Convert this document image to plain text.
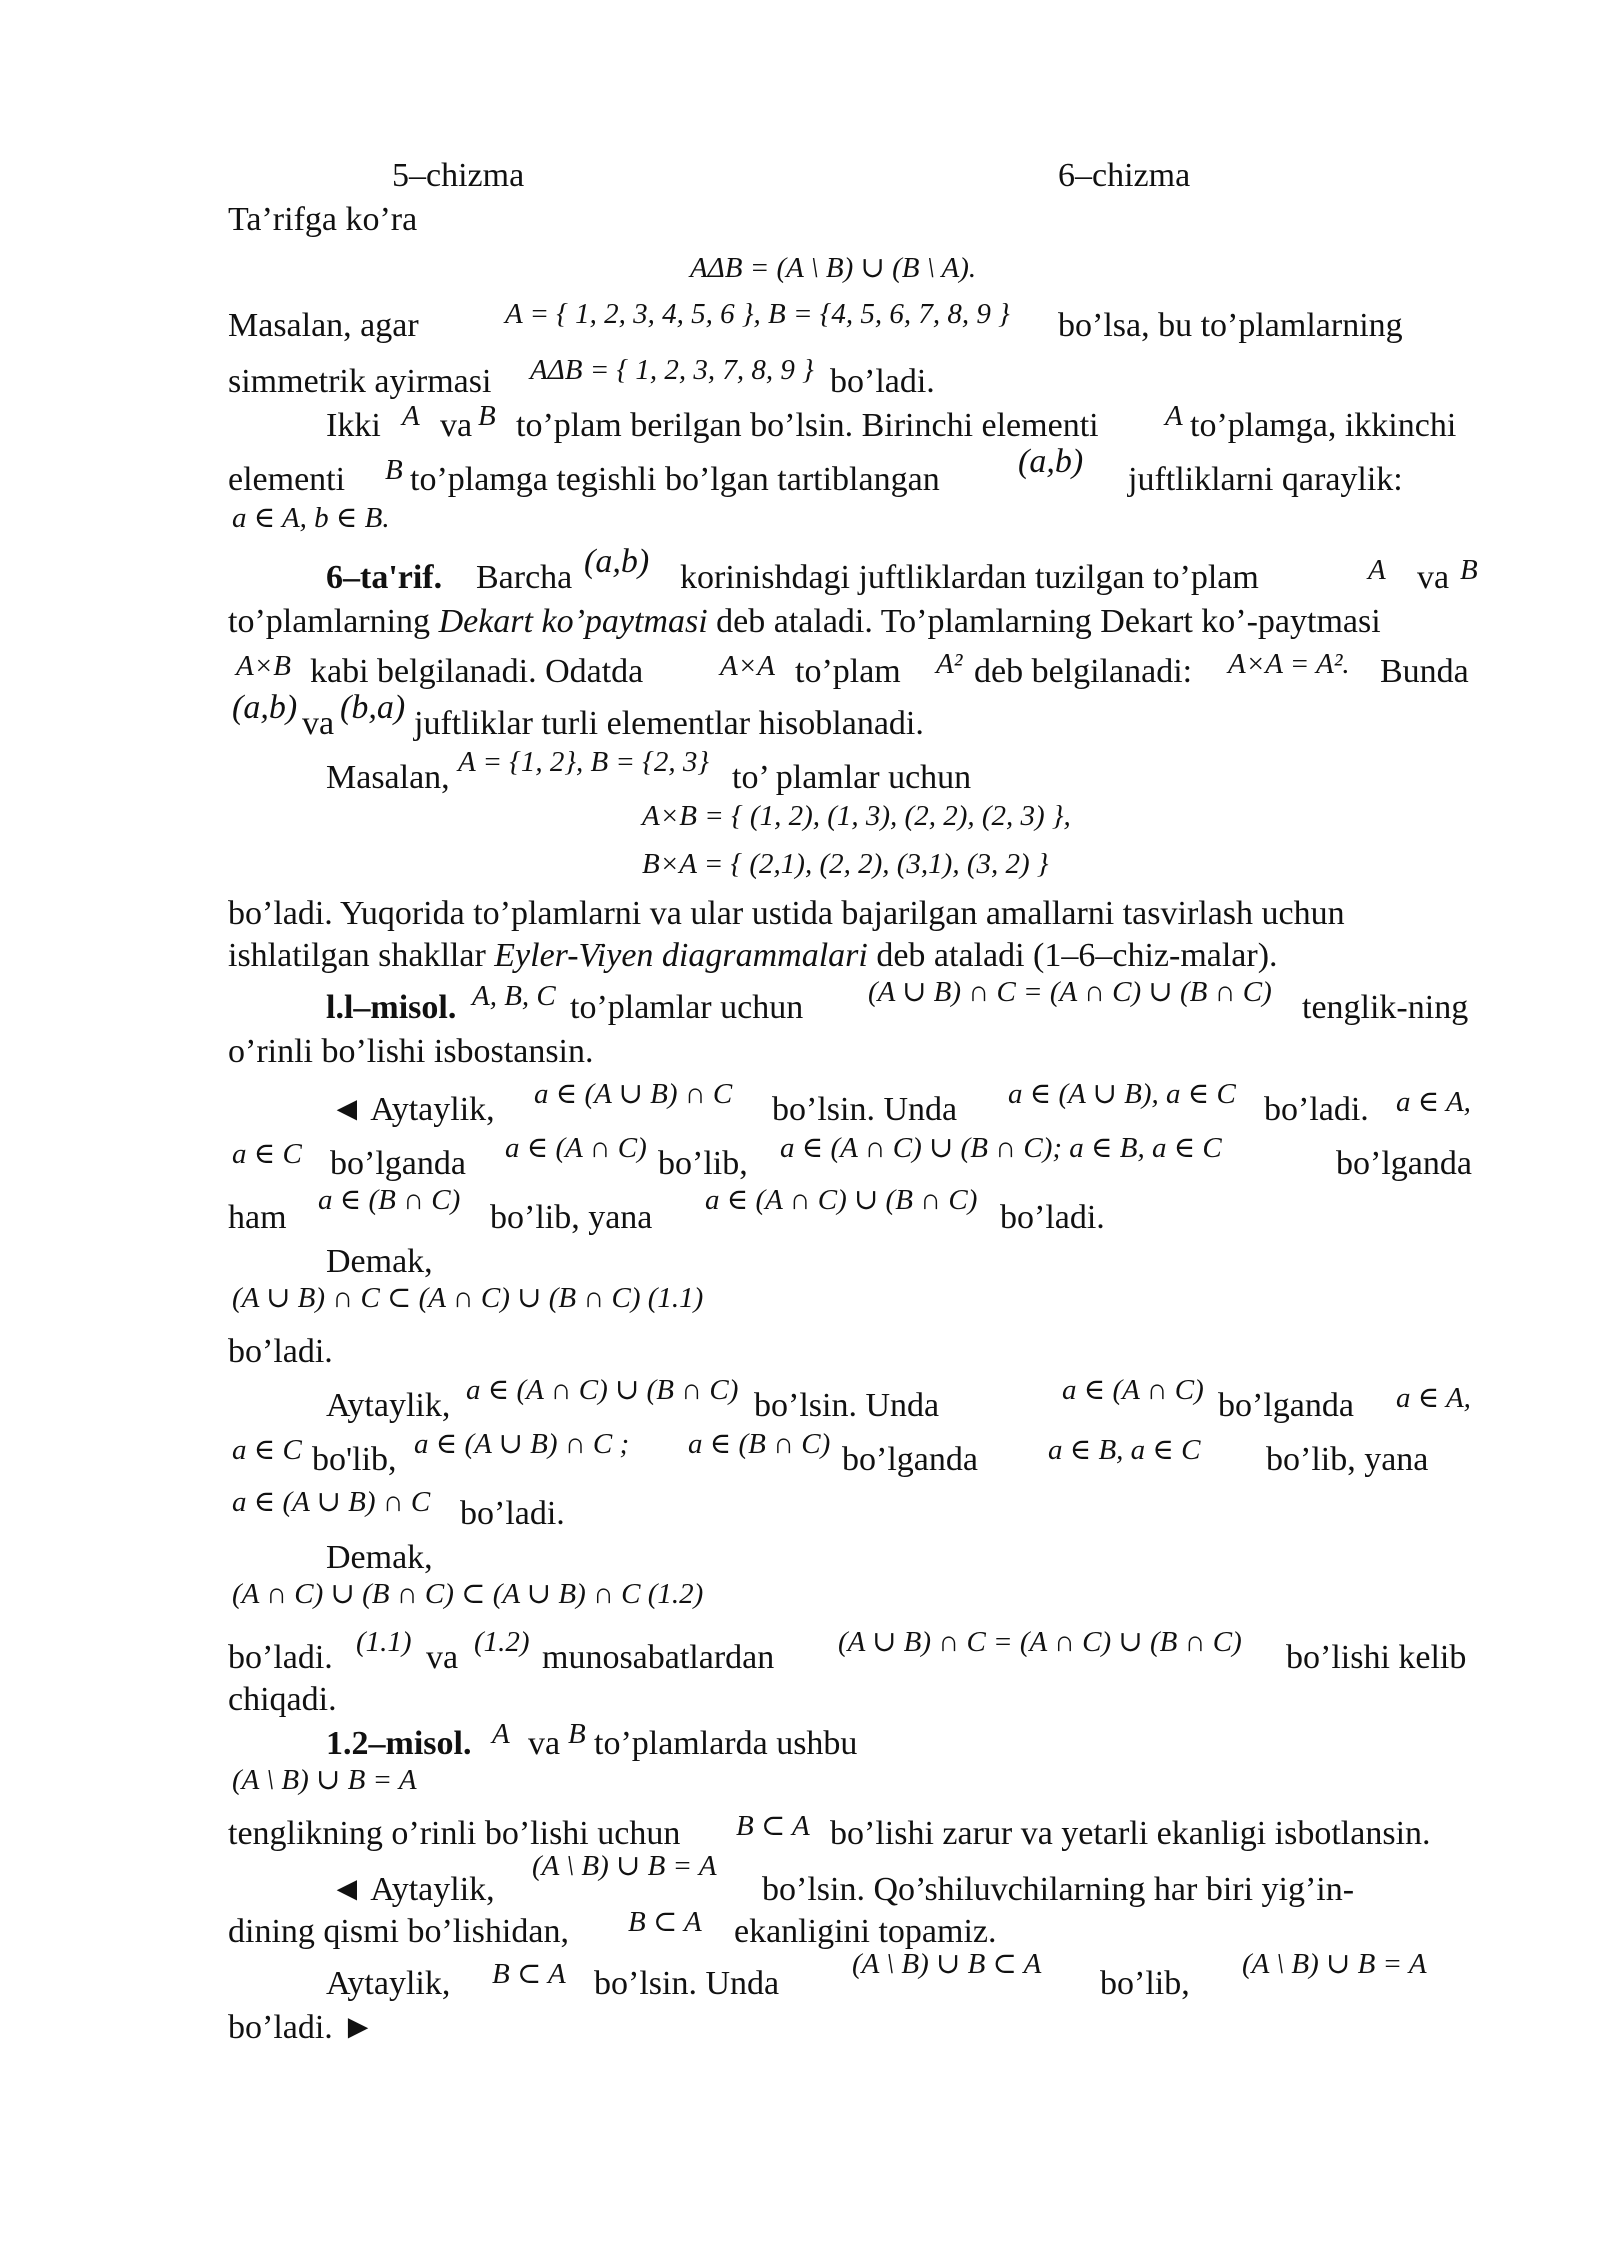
5–chizma	6–chizma
Ta’rifga ko’ra
AΔB = (A \ B) ∪ (B \ A).
Masalan, agar	A = { 1, 2, 3, 4, 5, 6 }, B = {4, 5, 6, 7, 8, 9 } bo’lsa, bu to’plamlarning
simmetrik ayirmasi AΔB = { 1, 2, 3, 7, 8, 9 } bo’ladi.
Ikki A va B to’plam berilgan bo’lsin. Birinchi elementi A to’plamga, ikkinchi
elementi B to’plamga tegishli bo’lgan tartiblangan (a,b) juftliklarni qaraylik:
a ∈ A, b ∈ B.
6–ta'rif. Barcha (a,b) korinishdagi juftliklardan tuzilgan to’plam	A va B
to’plamlarning Dekart ko’paytmasi deb ataladi. To’plamlarning Dekart ko’-paytmasi
A×B kabi belgilanadi. Odatda	A×A to’plam A² deb belgilanadi: A×A = A². Bunda
(a,b) va (b,a) juftliklar turli elementlar hisoblanadi.
Masalan, A = {1, 2}, B = {2, 3} to’ plamlar uchun
A×B = { (1, 2), (1, 3), (2, 2), (2, 3) },
B×A = { (2,1), (2, 2), (3,1), (3, 2) }
bo’ladi. Yuqorida to’plamlarni va ular ustida bajarilgan amallarni tasvirlash uchun
ishlatilgan shakllar Eyler-Viyen diagrammalari deb ataladi (1–6–chiz-malar).
l.l–misol. A, B, C to’plamlar uchun (A ∪ B) ∩ C = (A ∩ C) ∪ (B ∩ C) tenglik-ning
o’rinli bo’lishi isbostansin.
◄ Aytaylik, a ∈ (A ∪ B) ∩ C bo’lsin. Unda a ∈ (A ∪ B), a ∈ C bo’ladi. a ∈ A,
a ∈ C bo’lganda a ∈ (A ∩ C) bo’lib, a ∈ (A ∩ C) ∪ (B ∩ C); a ∈ B, a ∈ C	bo’lganda
ham a ∈ (B ∩ C) bo’lib, yana a ∈ (A ∩ C) ∪ (B ∩ C) bo’ladi.
Demak,
(A ∪ B) ∩ C ⊂ (A ∩ C) ∪ (B ∩ C) (1.1)
bo’ladi.
Aytaylik, a ∈ (A ∩ C) ∪ (B ∩ C) bo’lsin. Unda	a ∈ (A ∩ C) bo’lganda a ∈ A,
a ∈ C bo'lib, a ∈ (A ∪ B) ∩ C ; a ∈ (B ∩ C) bo’lganda a ∈ B, a ∈ C bo’lib, yana
a ∈ (A ∪ B) ∩ C bo’ladi.
Demak,
(A ∩ C) ∪ (B ∩ C) ⊂ (A ∪ B) ∩ C (1.2)
bo’ladi. (1.1) va (1.2) munosabatlardan (A ∪ B) ∩ C = (A ∩ C) ∪ (B ∩ C) bo’lishi kelib
chiqadi.
1.2–misol. A va B to’plamlarda ushbu
(A \ B) ∪ B = A
tenglikning o’rinli bo’lishi uchun B ⊂ A bo’lishi zarur va yetarli ekanligi isbotlansin.
◄ Aytaylik,
(A \ B) ∪ B = A
bo’lsin. Qo’shiluvchilarning har biri yig’in-
dining qismi bo’lishidan, B ⊂ A ekanligini topamiz.
Aytaylik, B ⊂ A bo’lsin. Unda
(A \ B) ∪ B ⊂ A
bo’lib,
(A \ B) ∪ B = A
bo’ladi. ►
